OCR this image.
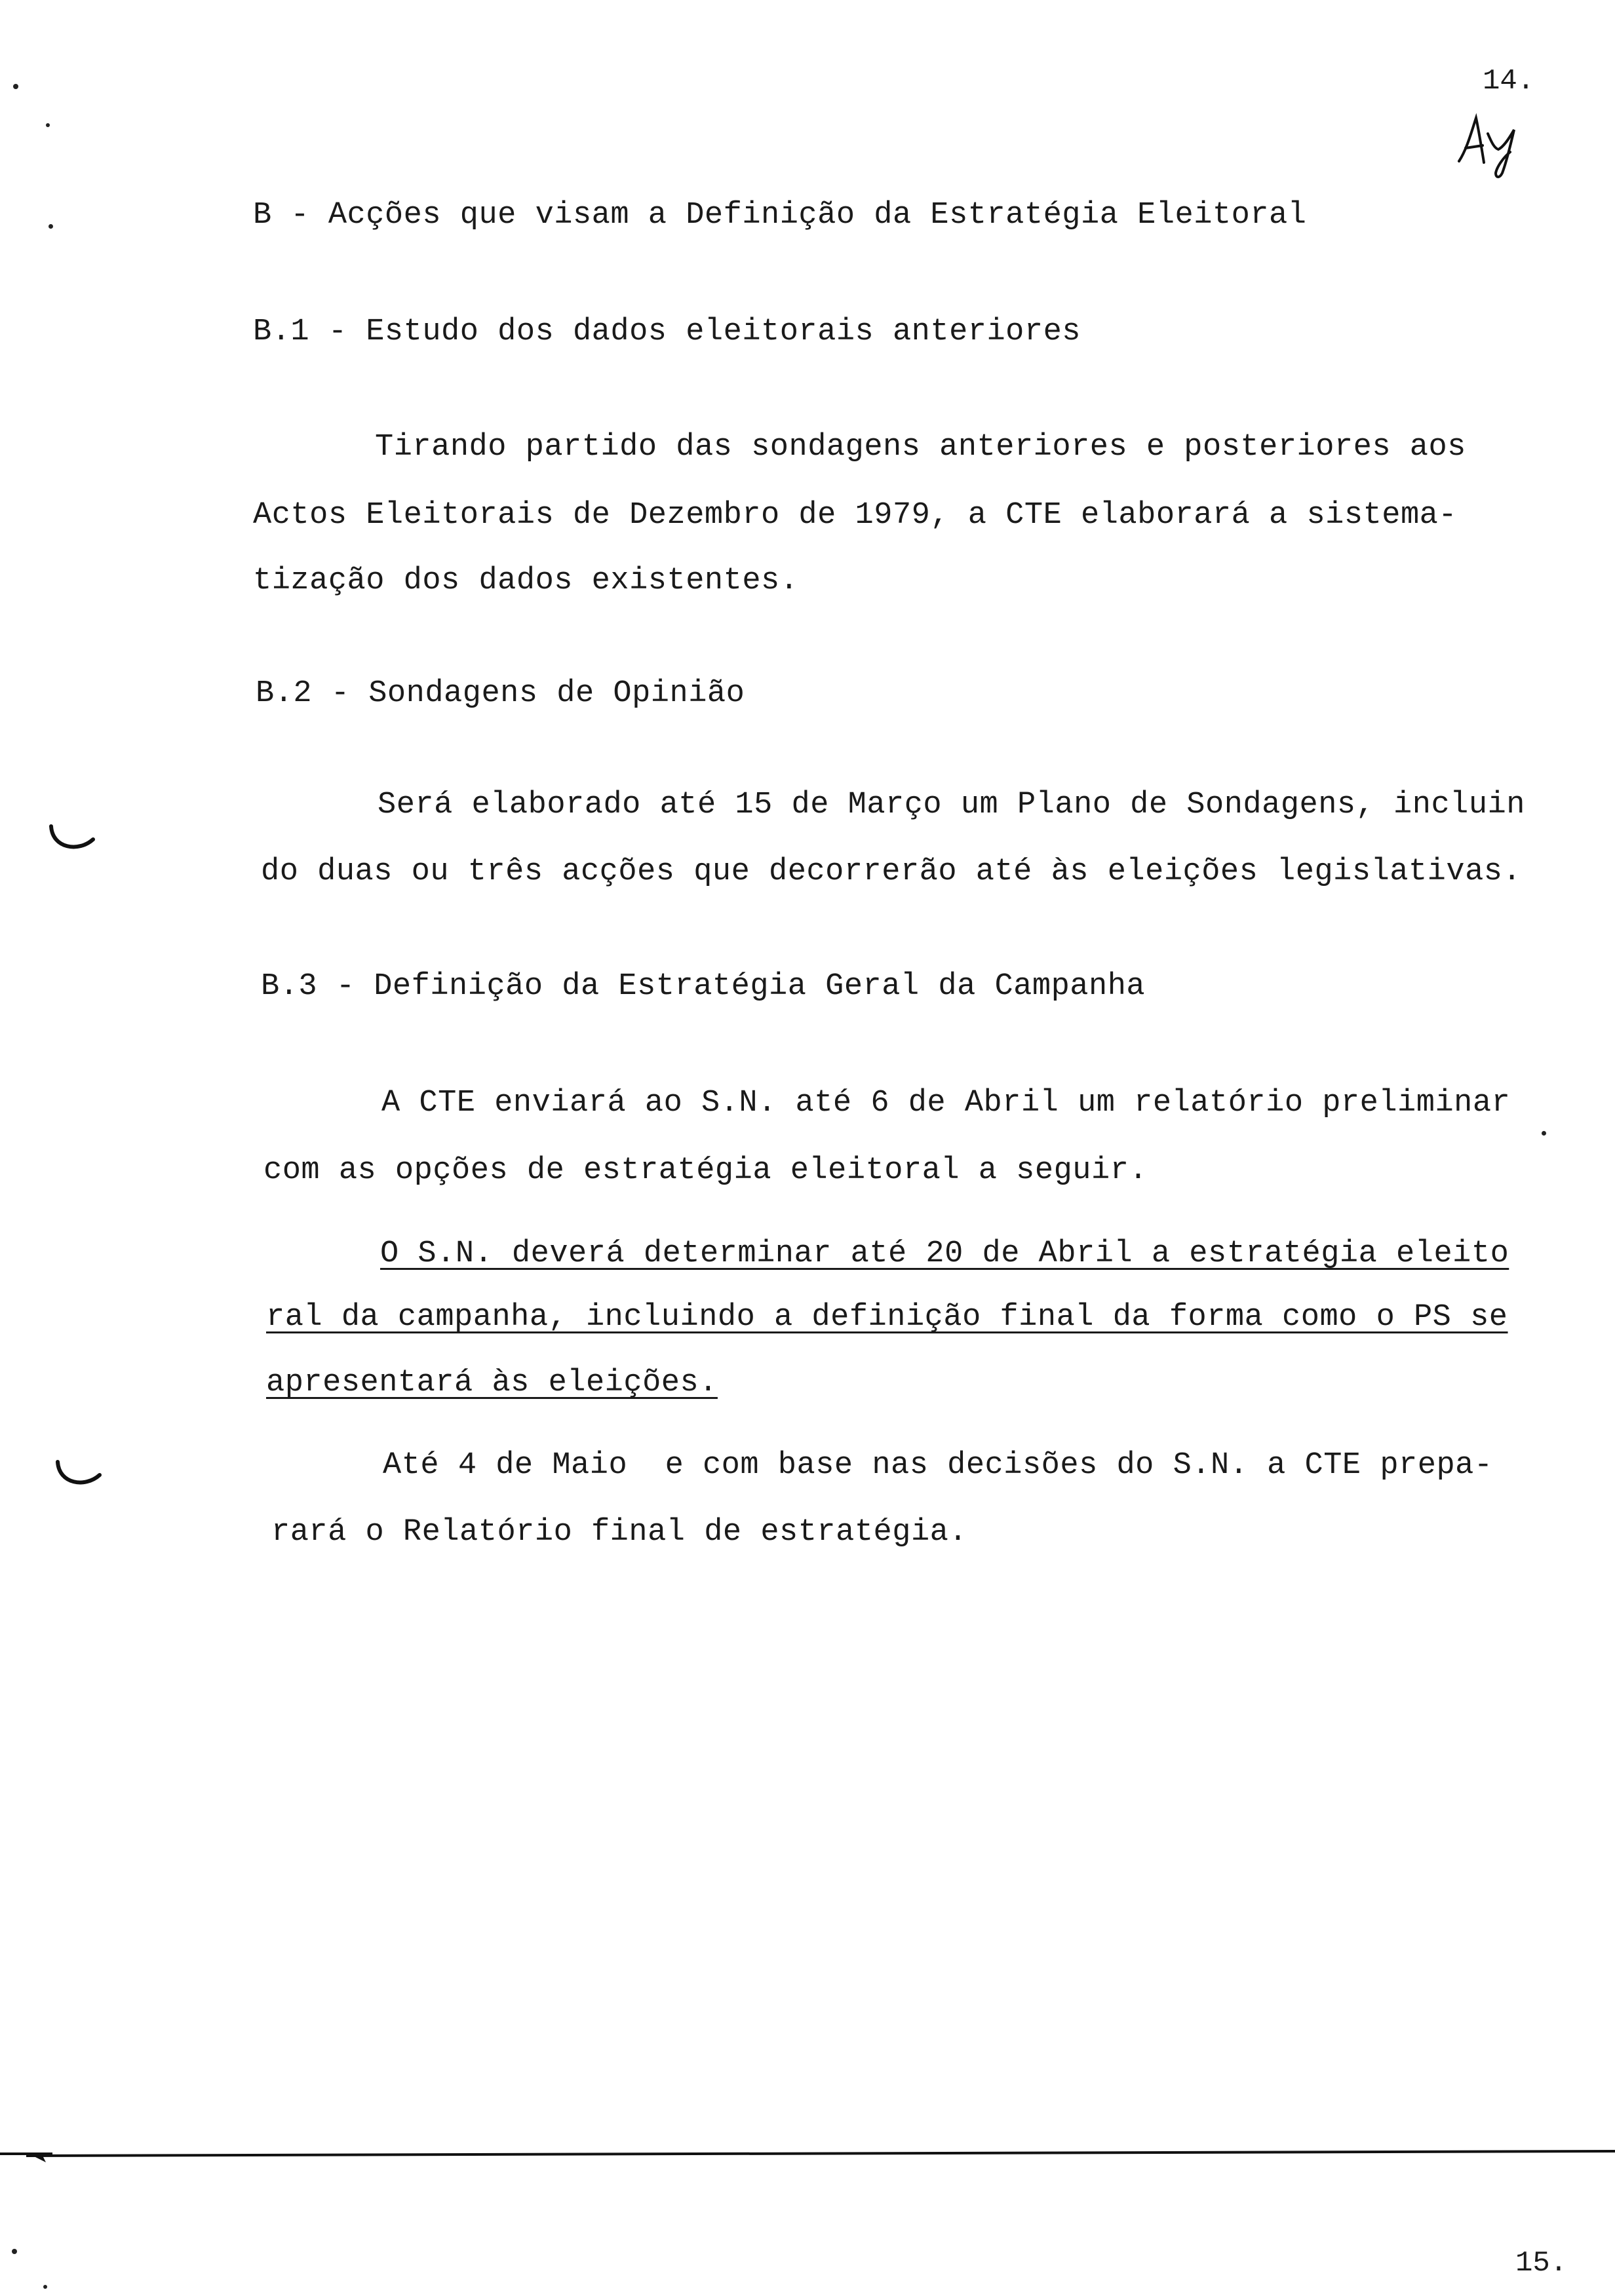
14.
B - Acções que visam a Definição da Estratégia Eleitoral
B.1 - Estudo dos dados eleitorais anteriores
Tirando partido das sondagens anteriores e posteriores aos
Actos Eleitorais de Dezembro de 1979, a CTE elaborará a sistema-
tização dos dados existentes.
B.2 - Sondagens de Opinião
Será elaborado até 15 de Março um Plano de Sondagens, incluin
do duas ou três acções que decorrerão até às eleições legislativas.
B.3 - Definição da Estratégia Geral da Campanha
A CTE enviará ao S.N. até 6 de Abril um relatório preliminar
com as opções de estratégia eleitoral a seguir.
O S.N. deverá determinar até 20 de Abril a estratégia eleito
ral da campanha, incluindo a definição final da forma como o PS se
apresentará às eleições.
Até 4 de Maio  e com base nas decisões do S.N. a CTE prepa-
rará o Relatório final de estratégia.
15.
